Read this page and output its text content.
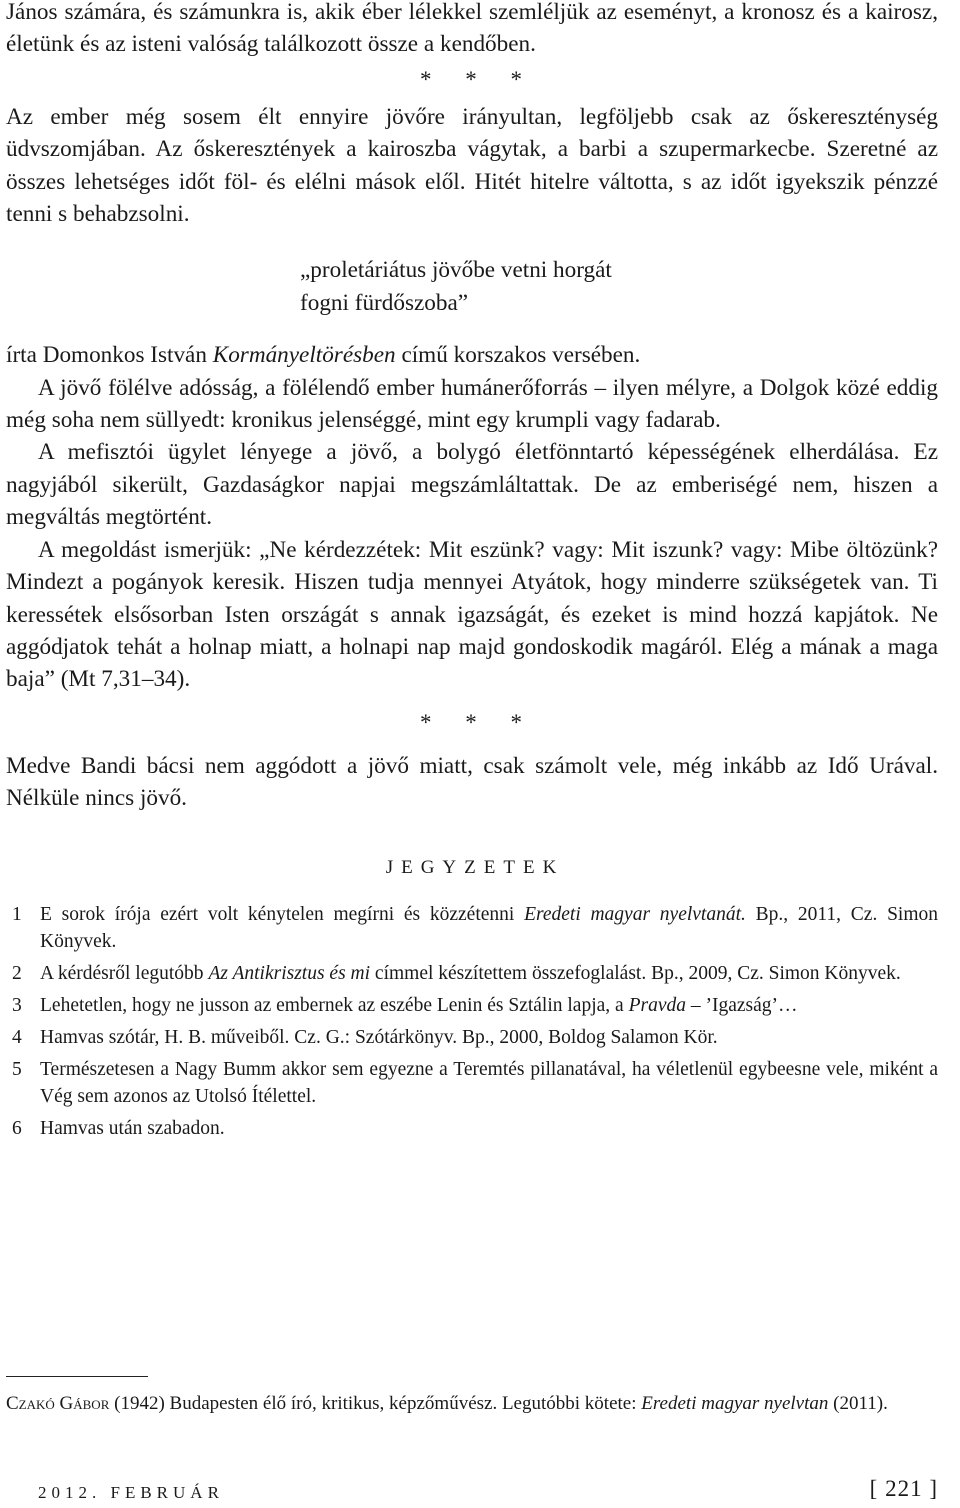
János számára, és számunkra is, akik éber lélekkel szemléljük az eseményt, a kronosz és a kairosz, életünk és az isteni valóság találkozott össze a kendőben.

* * *

Az ember még sosem élt ennyire jövőre irányultan, legföljebb csak az őskereszténység üdvszomjában. Az őskeresztények a kairoszba vágytak, a barbi a szupermarkecbe. Szeretné az összes lehetséges időt föl- és elélni mások elől. Hitét hitelre váltotta, s az időt igyekszik pénzzé tenni s behabzsolni.

„proletáriátus jövőbe vetni horgát

fogni fürdőszoba”

írta Domonkos István Kormányeltörésben című korszakos versében.

A jövő fölélve adósság, a fölélendő ember humánerőforrás – ilyen mélyre, a Dolgok közé eddig még soha nem süllyedt: kronikus jelenséggé, mint egy krumpli vagy fadarab.

A mefisztói ügylet lényege a jövő, a bolygó életfönntartó képességének elherdálása. Ez nagyjából sikerült, Gazdaságkor napjai megszámláltattak. De az emberiségé nem, hiszen a megváltás megtörtént.

A megoldást ismerjük: „Ne kérdezzétek: Mit eszünk? vagy: Mit iszunk? vagy: Mibe öltözünk? Mindezt a pogányok keresik. Hiszen tudja mennyei Atyátok, hogy minderre szükségetek van. Ti keressétek elsősorban Isten országát s annak igazságát, és ezeket is mind hozzá kapjátok. Ne aggódjatok tehát a holnap miatt, a holnapi nap majd gondoskodik magáról. Elég a mának a maga baja” (Mt 7,31–34).

* * *

Medve Bandi bácsi nem aggódott a jövő miatt, csak számolt vele, még inkább az Idő Urával. Nélküle nincs jövő.

JEGYZETEK

1 E sorok írója ezért volt kénytelen megírni és közzétenni Eredeti magyar nyelvtanát. Bp., 2011, Cz. Simon Könyvek.
2 A kérdésről legutóbb Az Antikrisztus és mi címmel készítettem összefoglalást. Bp., 2009, Cz. Simon Könyvek.
3 Lehetetlen, hogy ne jusson az embernek az eszébe Lenin és Sztálin lapja, a Pravda – ’Igazság’…
4 Hamvas szótár, H. B. műveiből. Cz. G.: Szótárkönyv. Bp., 2000, Boldog Salamon Kör.
5 Természetesen a Nagy Bumm akkor sem egyezne a Teremtés pillanatával, ha véletlenül egybeesne vele, miként a Vég sem azonos az Utolsó Ítélettel.
6 Hamvas után szabadon.
Czakó Gábor (1942) Budapesten élő író, kritikus, képzőművész. Legutóbbi kötete: Eredeti magyar nyelvtan (2011).
2012. FEBRUÁR	[ 221 ]
